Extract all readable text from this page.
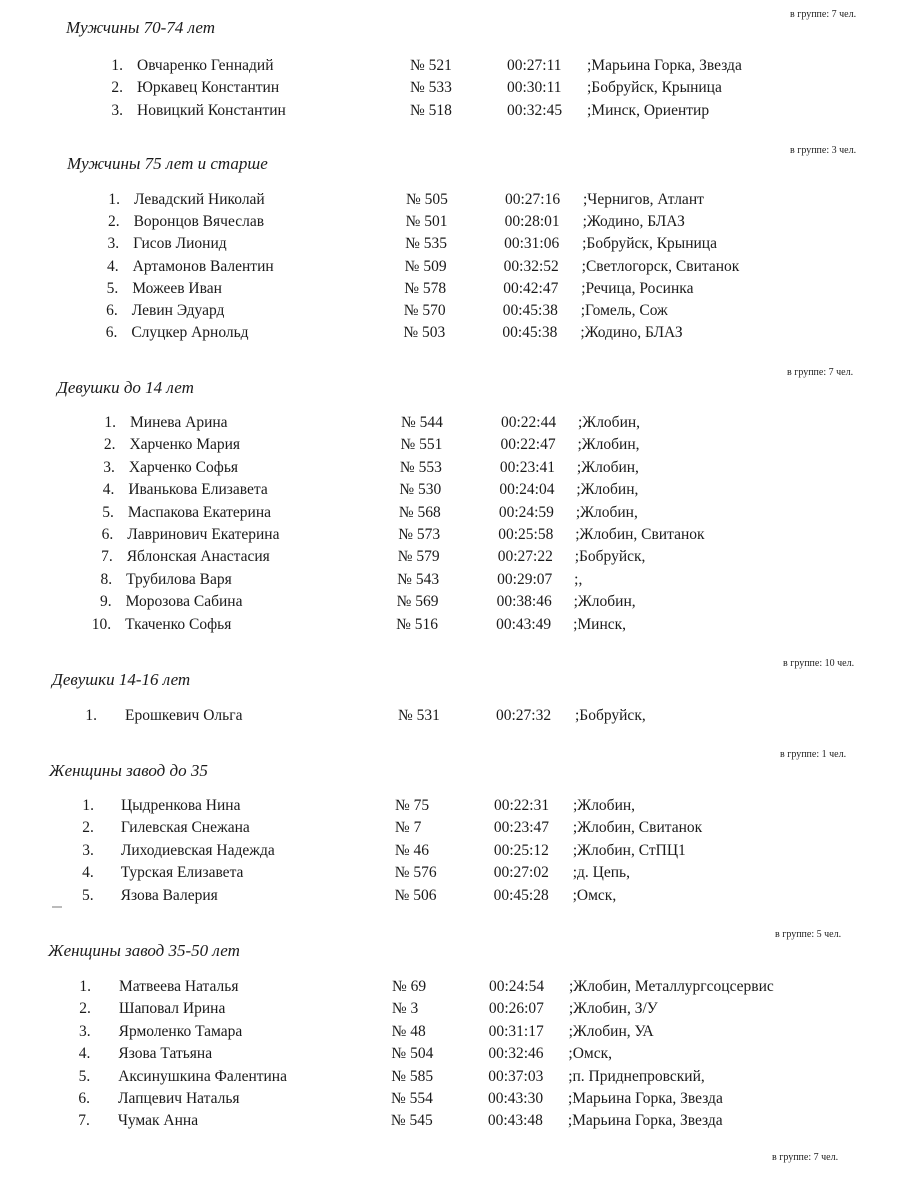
в группе: 7 чел.
Мужчины 70-74 лет
1. Овчаренко Геннадий	№ 521	00:27:11 ;Марьина Горка, Звезда
2. Юркавец Константин	№ 533	00:30:11 ;Бобруйск, Крыница
3. Новицкий Константин	№ 518	00:32:45 ;Минск, Ориентир
в группе: 3 чел.
Мужчины 75 лет и старше
1. Левадский Николай	№ 505	00:27:16 ;Чернигов, Атлант
2. Воронцов Вячеслав	№ 501	00:28:01 ;Жодино, БЛАЗ
3. Гисов Лионид	№ 535	00:31:06 ;Бобруйск, Крыница
4. Артамонов Валентин	№ 509	00:32:52 ;Светлогорск, Свитанок
5. Можеев Иван	№ 578	00:42:47 ;Речица, Росинка
6. Левин Эдуард	№ 570	00:45:38 ;Гомель, Сож
6. Слуцкер Арнольд	№ 503	00:45:38 ;Жодино, БЛАЗ
в группе: 7 чел.
Девушки до 14 лет
1. Минева Арина	№ 544	00:22:44 ;Жлобин,
2. Харченко Мария	№ 551	00:22:47 ;Жлобин,
3. Харченко Софья	№ 553	00:23:41 ;Жлобин,
4. Иванькова Елизавета	№ 530	00:24:04 ;Жлобин,
5. Маспакова Екатерина	№ 568	00:24:59 ;Жлобин,
6. Лавринович Екатерина	№ 573	00:25:58 ;Жлобин, Свитанок
7. Яблонская Анастасия	№ 579	00:27:22 ;Бобруйск,
8. Трубилова Варя	№ 543	00:29:07 ;,
9. Морозова Сабина	№ 569	00:38:46 ;Жлобин,
10. Ткаченко Софья	№ 516	00:43:49 ;Минск,
в группе: 10 чел.
Девушки 14-16 лет
1. Ерошкевич Ольга	№ 531	00:27:32 ;Бобруйск,
в группе: 1 чел.
Женщины завод до 35
1. Цыдренкова Нина	№ 75	00:22:31 ;Жлобин,
2. Гилевская Снежана	№ 7	00:23:47 ;Жлобин, Свитанок
3. Лиходиевская Надежда	№ 46	00:25:12 ;Жлобин, СтПЦ1
4. Турская Елизавета	№ 576	00:27:02 ;д. Цепь,
5. Язова Валерия	№ 506	00:45:28 ;Омск,
в группе: 5 чел.
Женщины завод 35-50 лет
1. Матвеева Наталья	№ 69	00:24:54 ;Жлобин, Металлургсоцсервис
2. Шаповал Ирина	№ 3	00:26:07 ;Жлобин, З/У
3. Ярмоленко Тамара	№ 48	00:31:17 ;Жлобин, УА
4. Язова Татьяна	№ 504	00:32:46 ;Омск,
5. Аксинушкина Фалентина	№ 585	00:37:03 ;п. Приднепровский,
6. Лапцевич Наталья	№ 554	00:43:30 ;Марьина Горка, Звезда
7. Чумак Анна	№ 545	00:43:48 ;Марьина Горка, Звезда
в группе: 7 чел.
